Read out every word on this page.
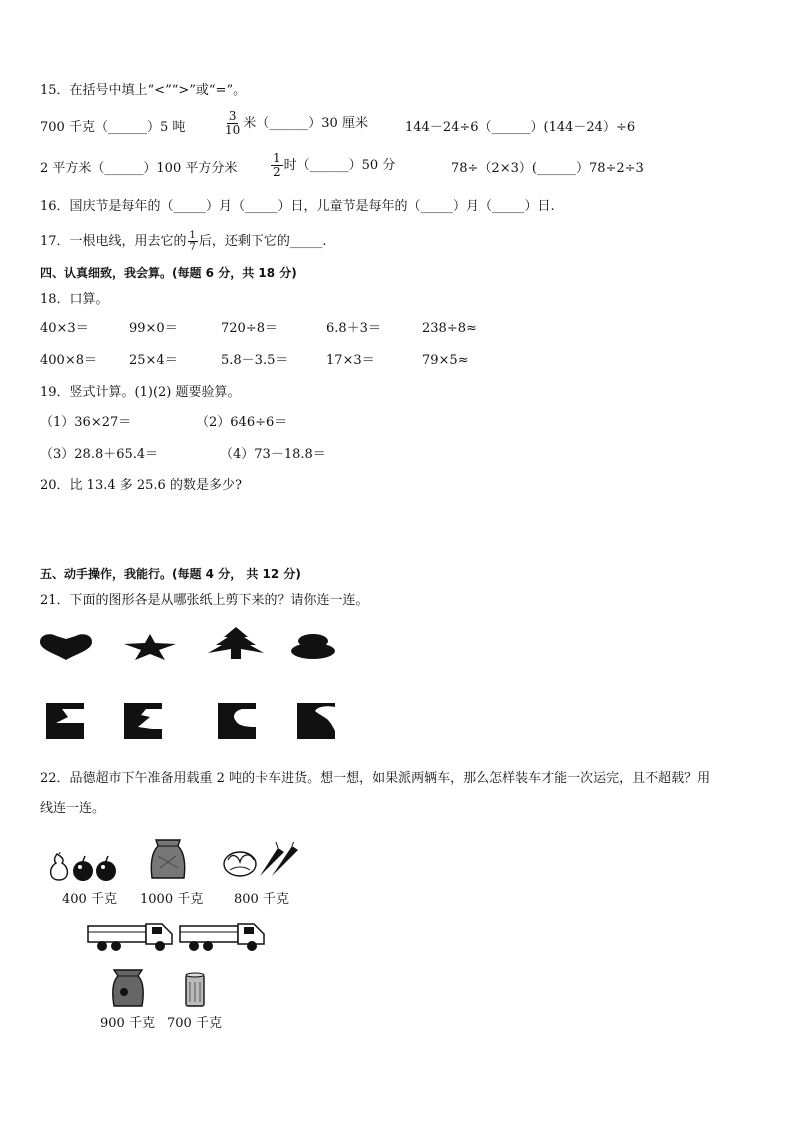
15．在括号中填上“<”“>”或“=”。
700 千克（______）5 吨	$\frac{3}{10}$ 米（______）30 厘米	144－24÷6（______）(144－24）÷6
2 平方米（______）100 平方分米	$\frac{1}{2}$ 时（______）50 分	78÷（2×3）(______）78÷2÷3
16．国庆节是每年的（_____）月（_____）日，儿童节是每年的（_____）月（_____）日.
17．一根电线，用去它的 $\frac{1}{7}$ 后，还剩下它的_____.
四、认真细致，我会算。(每题 6 分，共 18 分)
18．口算。
40×3＝	99×0＝	720÷8＝	6.8＋3＝	238÷8≈
400×8＝ 25×4＝	5.8－3.5＝	17×3＝	79×5≈
19．竖式计算。(1)(2) 题要验算。
（1）36×27＝	（2）646÷6＝
（3）28.8＋65.4＝	（4）73－18.8＝
20．比 13.4 多 25.6 的数是多少?
五、动手操作，我能行。(每题 4 分， 共 12 分)
21．下面的图形各是从哪张纸上剪下来的？请你连一连。
22．品德超市下午准备用载重 2 吨的卡车进货。想一想，如果派两辆车，那么怎样装车才能一次运完，且不超载？用
线连一连。
400 千克 1000 千克 800 千克
900 千克 700 千克
